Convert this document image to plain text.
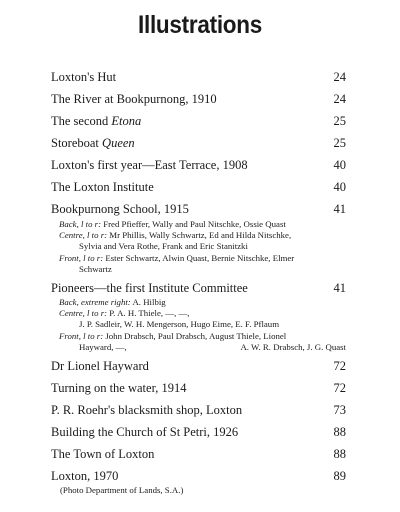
Illustrations
Loxton's Hut	24
The River at Bookpurnong, 1910	24
The second Etona	25
Storeboat Queen	25
Loxton's first year—East Terrace, 1908	40
The Loxton Institute	40
Bookpurnong School, 1915	41
Back, l to r: Fred Pfieffer, Wally and Paul Nitschke, Ossie Quast
Centre, l to r: Mr Phillis, Wally Schwartz, Ed and Hilda Nitschke,
Sylvia and Vera Rothe, Frank and Eric Stanitzki
Front, l to r: Ester Schwartz, Alwin Quast, Bernie Nitschke, Elmer
Schwartz
Pioneers—the first Institute Committee	41
Back, extreme right: A. Hilbig
Centre, l to r: P. A. H. Thiele, —, —,
J. P. Sadleir, W. H. Mengerson, Hugo Eime, E. F. Pflaum
Front, l to r: John Drabsch, Paul Drabsch, August Thiele, Lionel
Hayward, —,	A. W. R. Drabsch, J. G. Quast
Dr Lionel Hayward	72
Turning on the water, 1914	72
P. R. Roehr's blacksmith shop, Loxton	73
Building the Church of St Petri, 1926	88
The Town of Loxton	88
Loxton, 1970	89
(Photo Department of Lands, S.A.)
